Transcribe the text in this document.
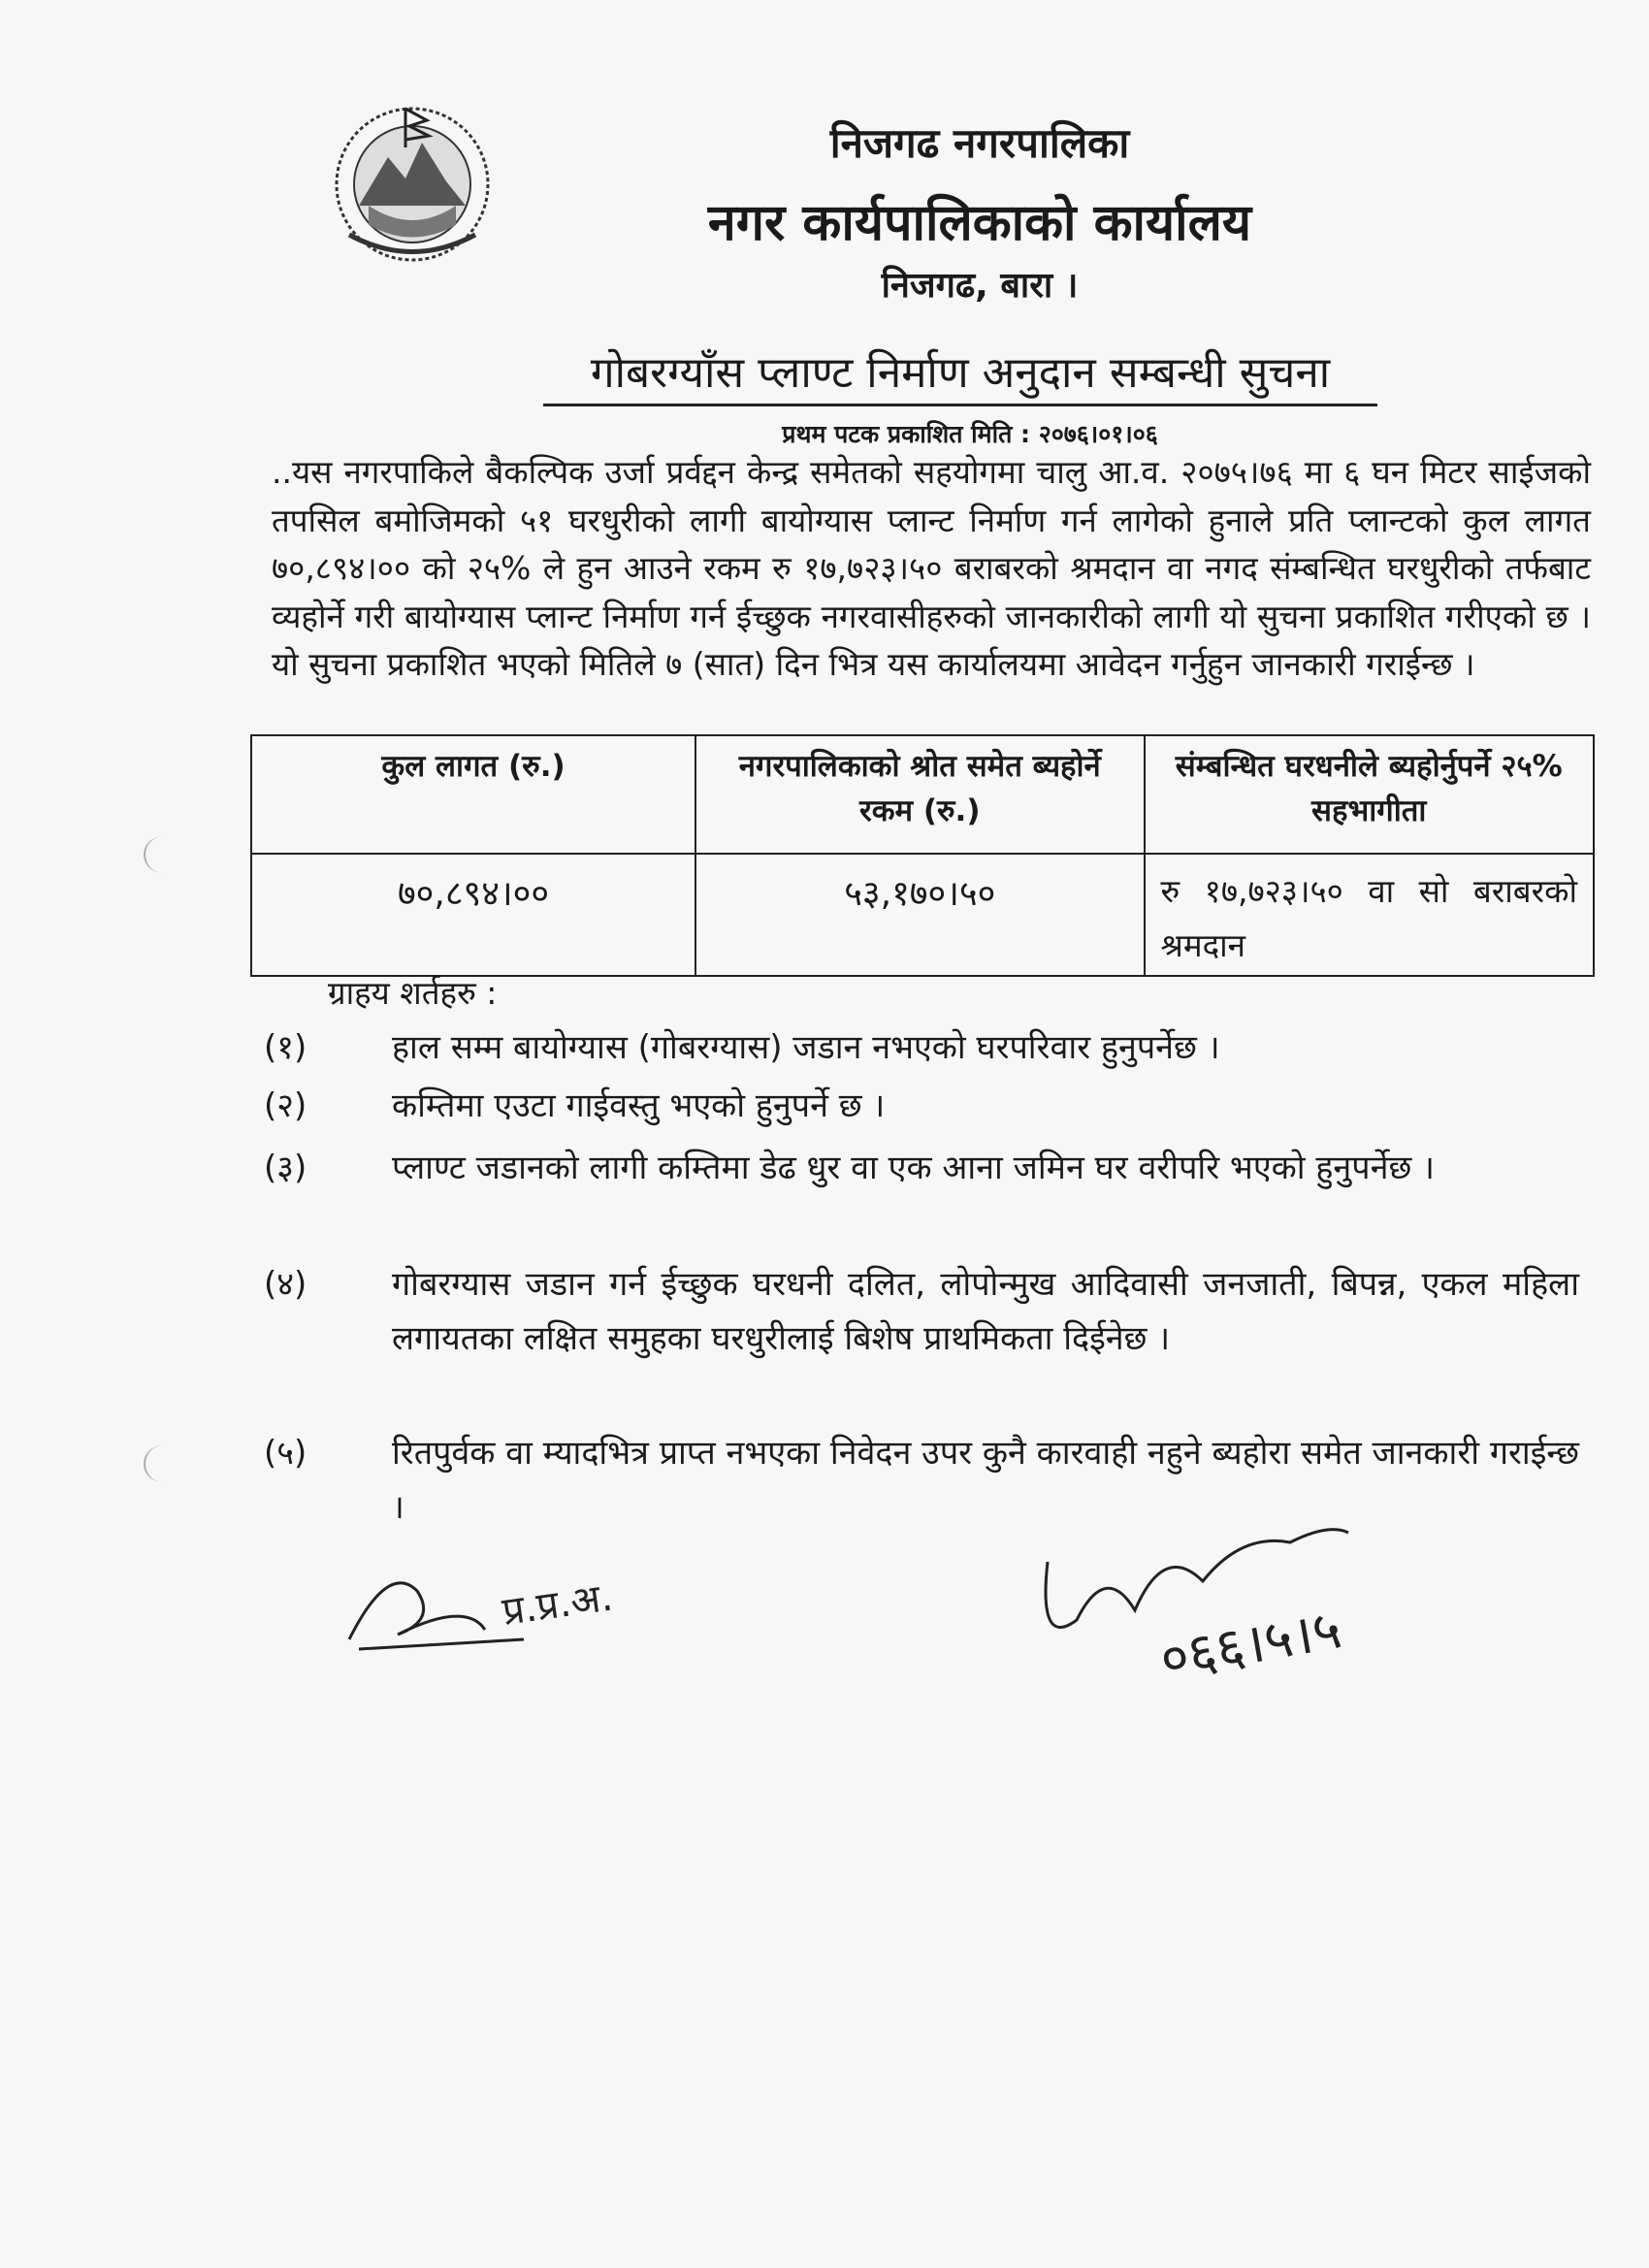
निजगढ नगरपालिका
नगर कार्यपालिकाको कार्यालय
निजगढ, बारा ।
गोबरग्याँस प्लाण्ट निर्माण अनुदान सम्बन्धी सुचना
प्रथम पटक प्रकाशित मिति : २०७६।०१।०६
..यस नगरपाकिले बैकल्पिक उर्जा प्रर्वद्दन केन्द्र समेतको सहयोगमा चालु आ.व. २०७५।७६ मा ६ घन मिटर साईजको तपसिल बमोजिमको ५१ घरधुरीको लागी बायोग्यास प्लान्ट निर्माण गर्न लागेको हुनाले प्रति प्लान्टको कुल लागत ७०,८९४।०० को २५% ले हुन आउने रकम रु १७,७२३।५० बराबरको श्रमदान वा नगद संम्बन्धित घरधुरीको तर्फबाट व्यहोर्ने गरी बायोग्यास प्लान्ट निर्माण गर्न ईच्छुक नगरवासीहरुको जानकारीको लागी यो सुचना प्रकाशित गरीएको छ । यो सुचना प्रकाशित भएको मितिले ७ (सात) दिन भित्र यस कार्यालयमा आवेदन गर्नुहुन जानकारी गराईन्छ ।
कुल लागत (रु.)	नगरपालिकाको श्रोत समेत ब्यहोर्ने रकम (रु.)	संम्बन्धित घरधनीले ब्यहोर्नुपर्ने २५% सहभागीता
७०,८९४।००	५३,१७०।५०	रु १७,७२३।५० वा सो बराबरको श्रमदान
ग्राहय शर्तहरु :
(१)	हाल सम्म बायोग्यास (गोबरग्यास) जडान नभएको घरपरिवार हुनुपर्नेछ ।
(२)	कम्तिमा एउटा गाईवस्तु भएको हुनुपर्ने छ ।
(३)	प्लाण्ट जडानको लागी कम्तिमा डेढ धुर वा एक आना जमिन घर वरीपरि भएको हुनुपर्नेछ ।
(४)	गोबरग्यास जडान गर्न ईच्छुक घरधनी दलित, लोपोन्मुख आदिवासी जनजाती, बिपन्न, एकल महिला लगायतका लक्षित समुहका घरधुरीलाई बिशेष प्राथमिकता दिईनेछ ।
(५)	रितपुर्वक वा म्यादभित्र प्राप्त नभएका निवेदन उपर कुनै कारवाही नहुने ब्यहोरा समेत जानकारी गराईन्छ ।
प्र.प्र.अ.	०६६।५।५
